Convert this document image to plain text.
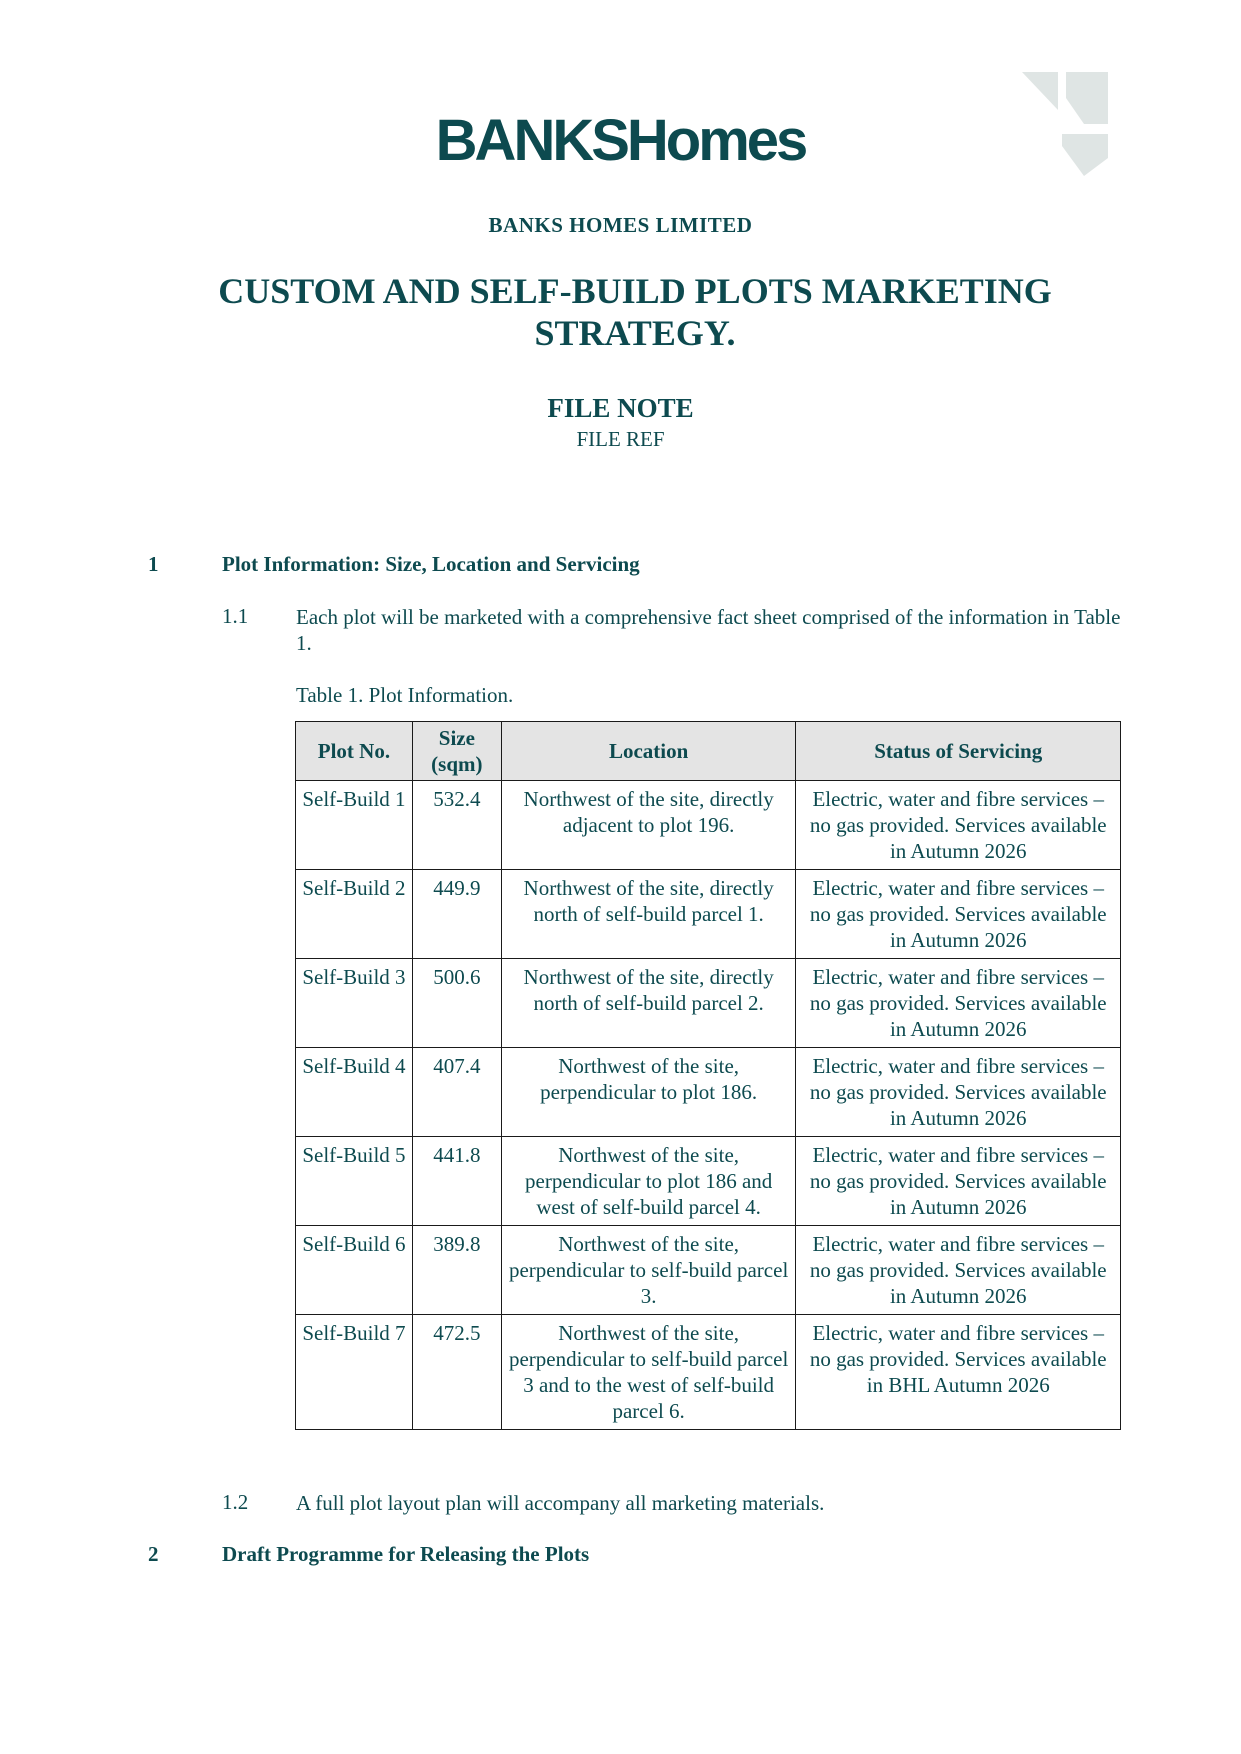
BANKSHomes
BANKS HOMES LIMITED
CUSTOM AND SELF-BUILD PLOTS MARKETING STRATEGY.
FILE NOTE
FILE REF
1	Plot Information: Size, Location and Servicing
1.1 Each plot will be marketed with a comprehensive fact sheet comprised of the information in Table 1.
Table 1. Plot Information.
Plot No.	Size (sqm)	Location	Status of Servicing
Self-Build 1	532.4	Northwest of the site, directly adjacent to plot 196.	Electric, water and fibre services – no gas provided. Services available in Autumn 2026
Self-Build 2	449.9	Northwest of the site, directly north of self-build parcel 1.	Electric, water and fibre services – no gas provided. Services available in Autumn 2026
Self-Build 3	500.6	Northwest of the site, directly north of self-build parcel 2.	Electric, water and fibre services – no gas provided. Services available in Autumn 2026
Self-Build 4	407.4	Northwest of the site, perpendicular to plot 186.	Electric, water and fibre services – no gas provided. Services available in Autumn 2026
Self-Build 5	441.8	Northwest of the site, perpendicular to plot 186 and west of self-build parcel 4.	Electric, water and fibre services – no gas provided. Services available in Autumn 2026
Self-Build 6	389.8	Northwest of the site, perpendicular to self-build parcel 3.	Electric, water and fibre services – no gas provided. Services available in Autumn 2026
Self-Build 7	472.5	Northwest of the site, perpendicular to self-build parcel 3 and to the west of self-build parcel 6.	Electric, water and fibre services – no gas provided. Services available in BHL Autumn 2026
1.2 A full plot layout plan will accompany all marketing materials.
2	Draft Programme for Releasing the Plots
